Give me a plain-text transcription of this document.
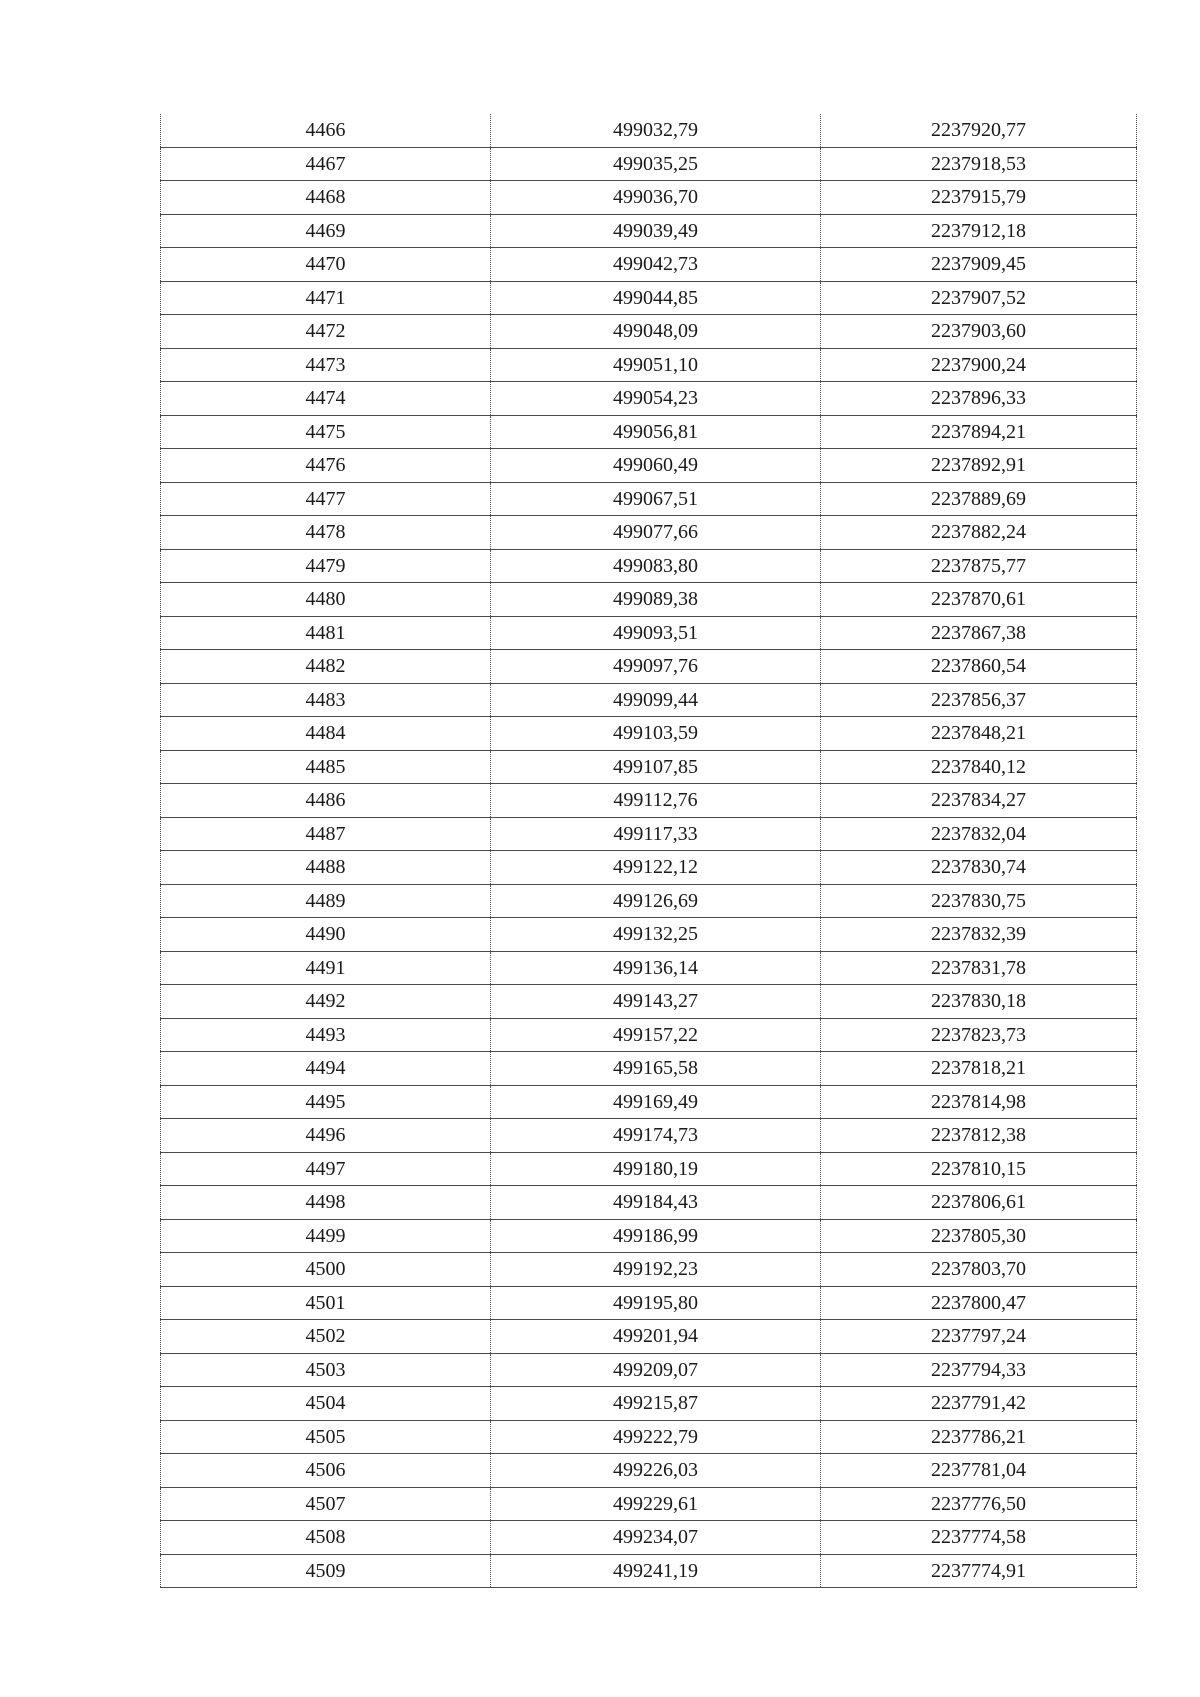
4466	499032,79	2237920,77
4467	499035,25	2237918,53
4468	499036,70	2237915,79
4469	499039,49	2237912,18
4470	499042,73	2237909,45
4471	499044,85	2237907,52
4472	499048,09	2237903,60
4473	499051,10	2237900,24
4474	499054,23	2237896,33
4475	499056,81	2237894,21
4476	499060,49	2237892,91
4477	499067,51	2237889,69
4478	499077,66	2237882,24
4479	499083,80	2237875,77
4480	499089,38	2237870,61
4481	499093,51	2237867,38
4482	499097,76	2237860,54
4483	499099,44	2237856,37
4484	499103,59	2237848,21
4485	499107,85	2237840,12
4486	499112,76	2237834,27
4487	499117,33	2237832,04
4488	499122,12	2237830,74
4489	499126,69	2237830,75
4490	499132,25	2237832,39
4491	499136,14	2237831,78
4492	499143,27	2237830,18
4493	499157,22	2237823,73
4494	499165,58	2237818,21
4495	499169,49	2237814,98
4496	499174,73	2237812,38
4497	499180,19	2237810,15
4498	499184,43	2237806,61
4499	499186,99	2237805,30
4500	499192,23	2237803,70
4501	499195,80	2237800,47
4502	499201,94	2237797,24
4503	499209,07	2237794,33
4504	499215,87	2237791,42
4505	499222,79	2237786,21
4506	499226,03	2237781,04
4507	499229,61	2237776,50
4508	499234,07	2237774,58
4509	499241,19	2237774,91
